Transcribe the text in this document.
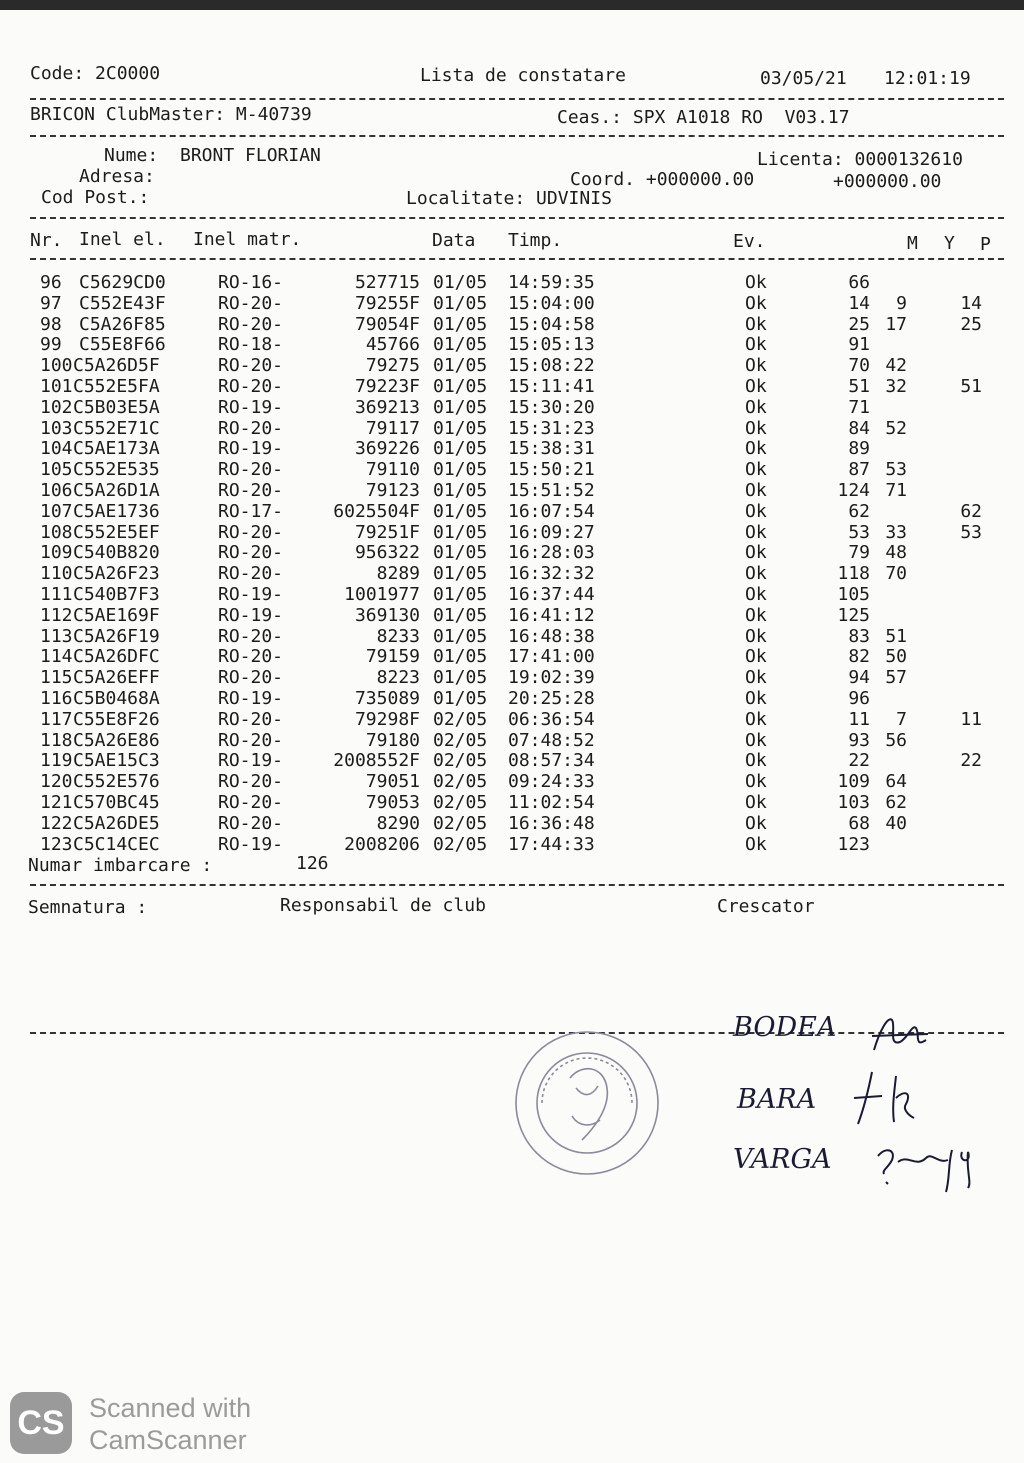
Code: 2C0000	Lista de constatare	03/05/21 12:01:19
BRICON ClubMaster: M-40739	Ceas.: SPX A1018 RO  V03.17
Nume: BRONT FLORIAN	Licenta: 0000132610
Adresa:	Coord. +000000.00	+000000.00
Cod Post.:	Localitate: UDVINIS
Nr. Inel el. Inel matr.	Data Timp.	Ev.	M Y P
96 C5629CD0	RO-16-	527715 01/05 14:59:35	Ok	66
97 C552E43F	RO-20-	79255F 01/05 15:04:00	Ok	14 9	14
98 C5A26F85	RO-20-	79054F 01/05 15:04:58	Ok	25 17	25
99 C55E8F66	RO-18-	45766 01/05 15:05:13	Ok	91
100 C5A26D5F	RO-20-	79275 01/05 15:08:22	Ok	70 42
101 C552E5FA	RO-20-	79223F 01/05 15:11:41	Ok	51 32	51
102 C5B03E5A	RO-19-	369213 01/05 15:30:20	Ok	71
103 C552E71C	RO-20-	79117 01/05 15:31:23	Ok	84 52
104 C5AE173A	RO-19-	369226 01/05 15:38:31	Ok	89
105 C552E535	RO-20-	79110 01/05 15:50:21	Ok	87 53
106 C5A26D1A	RO-20-	79123 01/05 15:51:52	Ok	124 71
107 C5AE1736	RO-17-	6025504F 01/05 16:07:54	Ok	62	62
108 C552E5EF	RO-20-	79251F 01/05 16:09:27	Ok	53 33	53
109 C540B820	RO-20-	956322 01/05 16:28:03	Ok	79 48
110 C5A26F23	RO-20-	8289 01/05 16:32:32	Ok	118 70
111 C540B7F3	RO-19-	1001977 01/05 16:37:44	Ok	105
112 C5AE169F	RO-19-	369130 01/05 16:41:12	Ok	125
113 C5A26F19	RO-20-	8233 01/05 16:48:38	Ok	83 51
114 C5A26DFC	RO-20-	79159 01/05 17:41:00	Ok	82 50
115 C5A26EFF	RO-20-	8223 01/05 19:02:39	Ok	94 57
116 C5B0468A	RO-19-	735089 01/05 20:25:28	Ok	96
117 C55E8F26	RO-20-	79298F 02/05 06:36:54	Ok	11 7	11
118 C5A26E86	RO-20-	79180 02/05 07:48:52	Ok	93 56
119 C5AE15C3	RO-19-	2008552F 02/05 08:57:34	Ok	22	22
120 C552E576	RO-20-	79051 02/05 09:24:33	Ok	109 64
121 C570BC45	RO-20-	79053 02/05 11:02:54	Ok	103 62
122 C5A26DE5	RO-20-	8290 02/05 16:36:48	Ok	68 40
123 C5C14CEC	RO-19-	2008206 02/05 17:44:33	Ok	123
Numar imbarcare :	126
Semnatura :	Responsabil de club	Crescator
BODEA
BARA
VARGA
CS Scanned with
CamScanner
